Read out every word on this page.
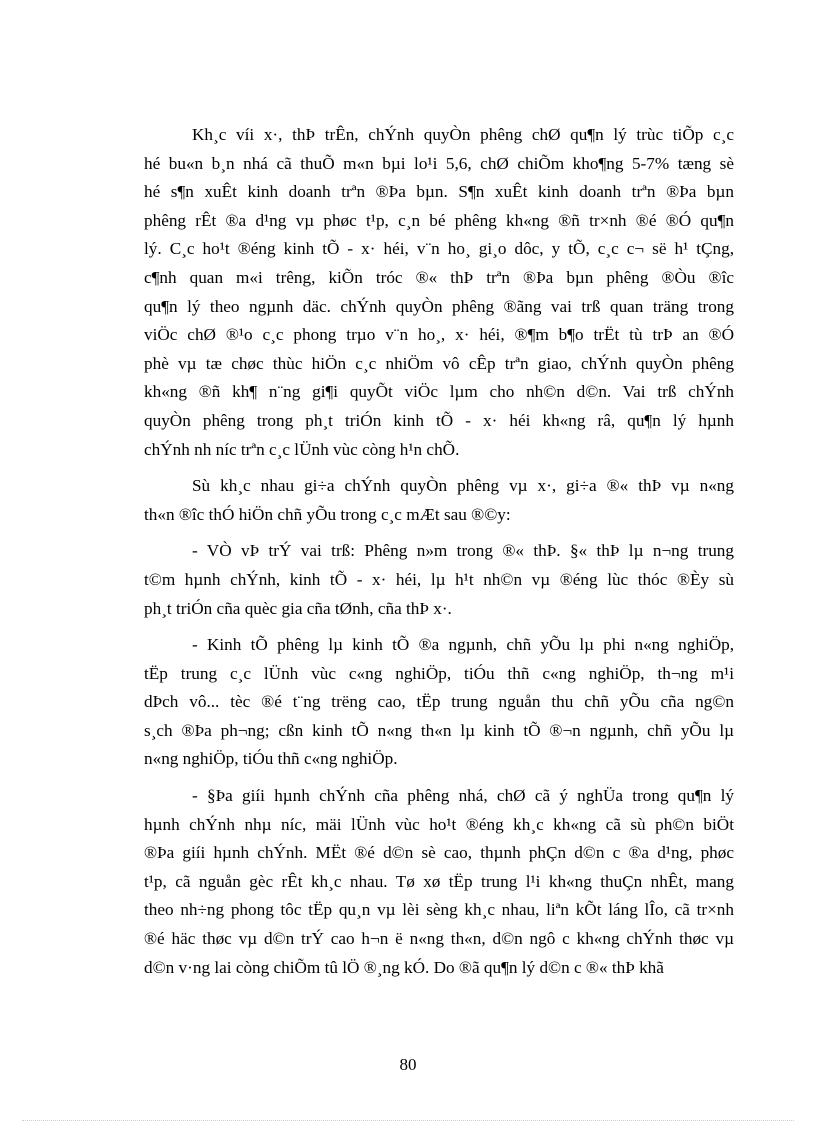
Kh¸c víi x·, thÞ trÊn, chÝnh quyÒn phêng chØ qu¶n lý trùc tiÕp c¸c
hé bu«n b¸n nhá cã thuÕ m«n bµi lo¹i 5,6, chØ chiÕm kho¶ng 5-7% tæng sè
hé s¶n xuÊt kinh doanh trªn ®Þa bµn. S¶n xuÊt kinh doanh trªn ®Þa bµn
phêng rÊt ®a d¹ng vµ phøc t¹p, c¸n bé phêng kh«ng ®ñ tr×nh ®é ®Ó qu¶n
lý. C¸c ho¹t ®éng kinh tÕ - x· héi, v¨n ho¸ gi¸o dôc, y tÕ, c¸c c¬ së h¹ tÇng,
c¶nh quan m«i trêng, kiÕn tróc ®« thÞ trªn ®Þa bµn phêng ®Òu ®îc
qu¶n lý theo ngµnh däc. chÝnh quyÒn phêng ®ãng vai trß quan träng trong
viÖc chØ ®¹o c¸c phong trµo v¨n ho¸, x· héi, ®¶m b¶o trËt tù trÞ an ®Ó
phè vµ tæ chøc thùc hiÖn c¸c nhiÖm vô cÊp trªn giao, chÝnh quyÒn phêng
kh«ng ®ñ kh¶ n¨ng gi¶i quyÕt viÖc lµm cho nh©n d©n. Vai trß chÝnh
quyÒn phêng trong ph¸t triÓn kinh tÕ - x· héi kh«ng râ, qu¶n lý hµnh
chÝnh nh níc trªn c¸c lÜnh vùc còng h¹n chÕ.

Sù kh¸c nhau gi÷a chÝnh quyÒn phêng vµ x·, gi÷a ®« thÞ vµ n«ng
th«n ®îc thÓ hiÖn chñ yÕu trong c¸c mÆt sau ®©y:

- VÒ vÞ trÝ vai trß: Phêng n»m trong ®« thÞ. §« thÞ lµ n¬ng trung
t©m hµnh chÝnh, kinh tÕ - x· héi, lµ h¹t nh©n vµ ®éng lùc thóc ®Èy sù
ph¸t triÓn cña quèc gia cña tØnh, cña thÞ x·.

- Kinh tÕ phêng lµ kinh tÕ ®a ngµnh, chñ yÕu lµ phi n«ng nghiÖp,
tËp trung c¸c lÜnh vùc c«ng nghiÖp, tiÓu thñ c«ng nghiÖp, th¬ng m¹i
dÞch vô... tèc ®é t¨ng trëng cao, tËp trung nguån thu chñ yÕu cña ng©n
s¸ch ®Þa ph¬ng; cßn kinh tÕ n«ng th«n lµ kinh tÕ ®¬n ngµnh, chñ yÕu lµ
n«ng nghiÖp, tiÓu thñ c«ng nghiÖp.

- §Þa giíi hµnh chÝnh cña phêng nhá, chØ cã ý nghÜa trong qu¶n lý
hµnh chÝnh nhµ níc, mäi lÜnh vùc ho¹t ®éng kh¸c kh«ng cã sù ph©n biÖt
®Þa giíi hµnh chÝnh. MËt ®é d©n sè cao, thµnh phÇn d©n c ®a d¹ng, phøc
t¹p, cã nguån gèc rÊt kh¸c nhau. Tø xø tËp trung l¹i kh«ng thuÇn nhÊt, mang
theo nh÷ng phong tôc tËp qu¸n vµ lèi sèng kh¸c nhau, liªn kÕt láng lÎo, cã tr×nh
®é häc thøc vµ d©n trÝ cao h¬n ë n«ng th«n, d©n ngô c kh«ng chÝnh thøc vµ
d©n v·ng lai còng chiÕm tû lÖ ®¸ng kÓ. Do ®ã qu¶n lý d©n c ®« thÞ khã

80
